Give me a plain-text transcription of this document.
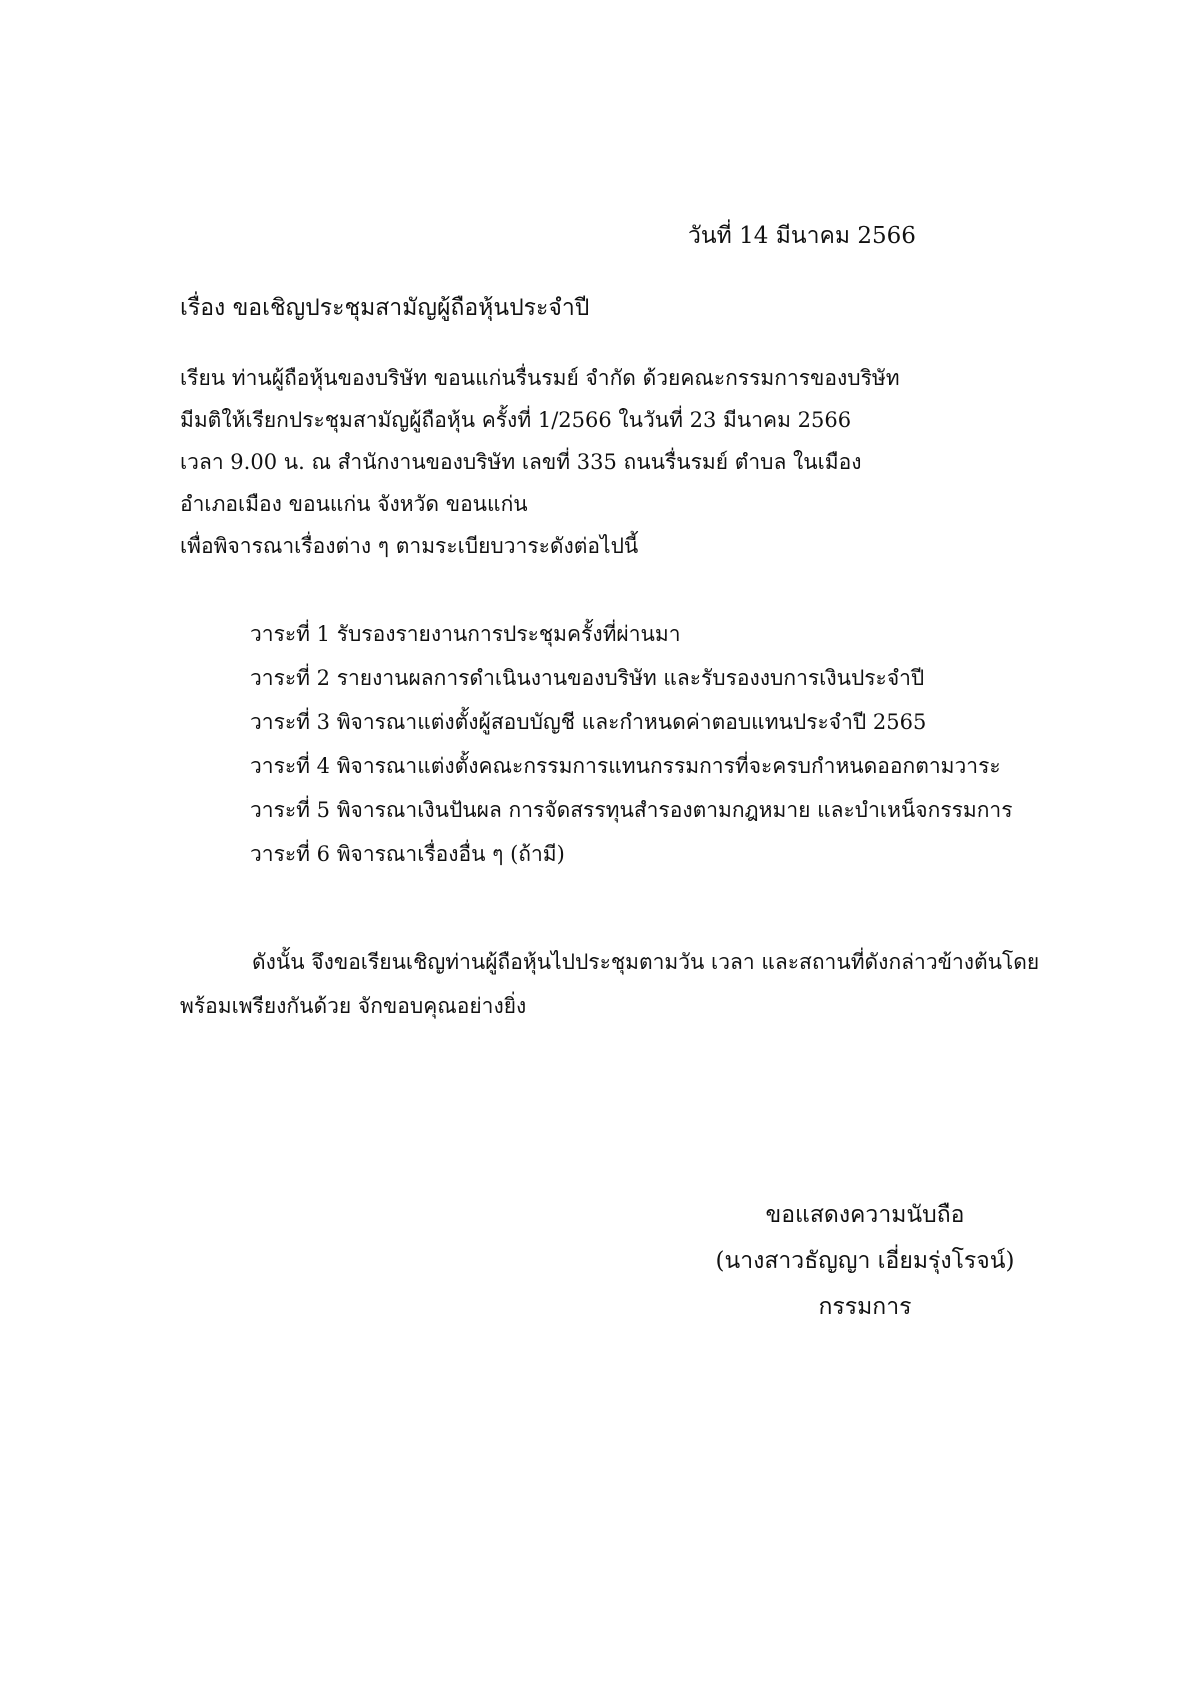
วันที่ 14 มีนาคม 2566
เรื่อง ขอเชิญประชุมสามัญผู้ถือหุ้นประจำปี
เรียน ท่านผู้ถือหุ้นของบริษัท ขอนแก่นรื่นรมย์ จำกัด ด้วยคณะกรรมการของบริษัท
มีมติให้เรียกประชุมสามัญผู้ถือหุ้น ครั้งที่ 1/2566 ในวันที่ 23 มีนาคม 2566
เวลา 9.00 น. ณ สำนักงานของบริษัท เลขที่ 335 ถนนรื่นรมย์ ตำบล ในเมือง
อำเภอเมือง ขอนแก่น จังหวัด ขอนแก่น
เพื่อพิจารณาเรื่องต่าง ๆ ตามระเบียบวาระดังต่อไปนี้
วาระที่ 1 รับรองรายงานการประชุมครั้งที่ผ่านมา
วาระที่ 2 รายงานผลการดำเนินงานของบริษัท และรับรองงบการเงินประจำปี
วาระที่ 3 พิจารณาแต่งตั้งผู้สอบบัญชี และกำหนดค่าตอบแทนประจำปี 2565
วาระที่ 4 พิจารณาแต่งตั้งคณะกรรมการแทนกรรมการที่จะครบกำหนดออกตามวาระ
วาระที่ 5 พิจารณาเงินปันผล การจัดสรรทุนสำรองตามกฎหมาย และบำเหน็จกรรมการ
วาระที่ 6 พิจารณาเรื่องอื่น ๆ (ถ้ามี)
ดังนั้น จึงขอเรียนเชิญท่านผู้ถือหุ้นไปประชุมตามวัน เวลา และสถานที่ดังกล่าวข้างต้นโดย
พร้อมเพรียงกันด้วย จักขอบคุณอย่างยิ่ง
ขอแสดงความนับถือ
(นางสาวธัญญา เอี่ยมรุ่งโรจน์)
กรรมการ
